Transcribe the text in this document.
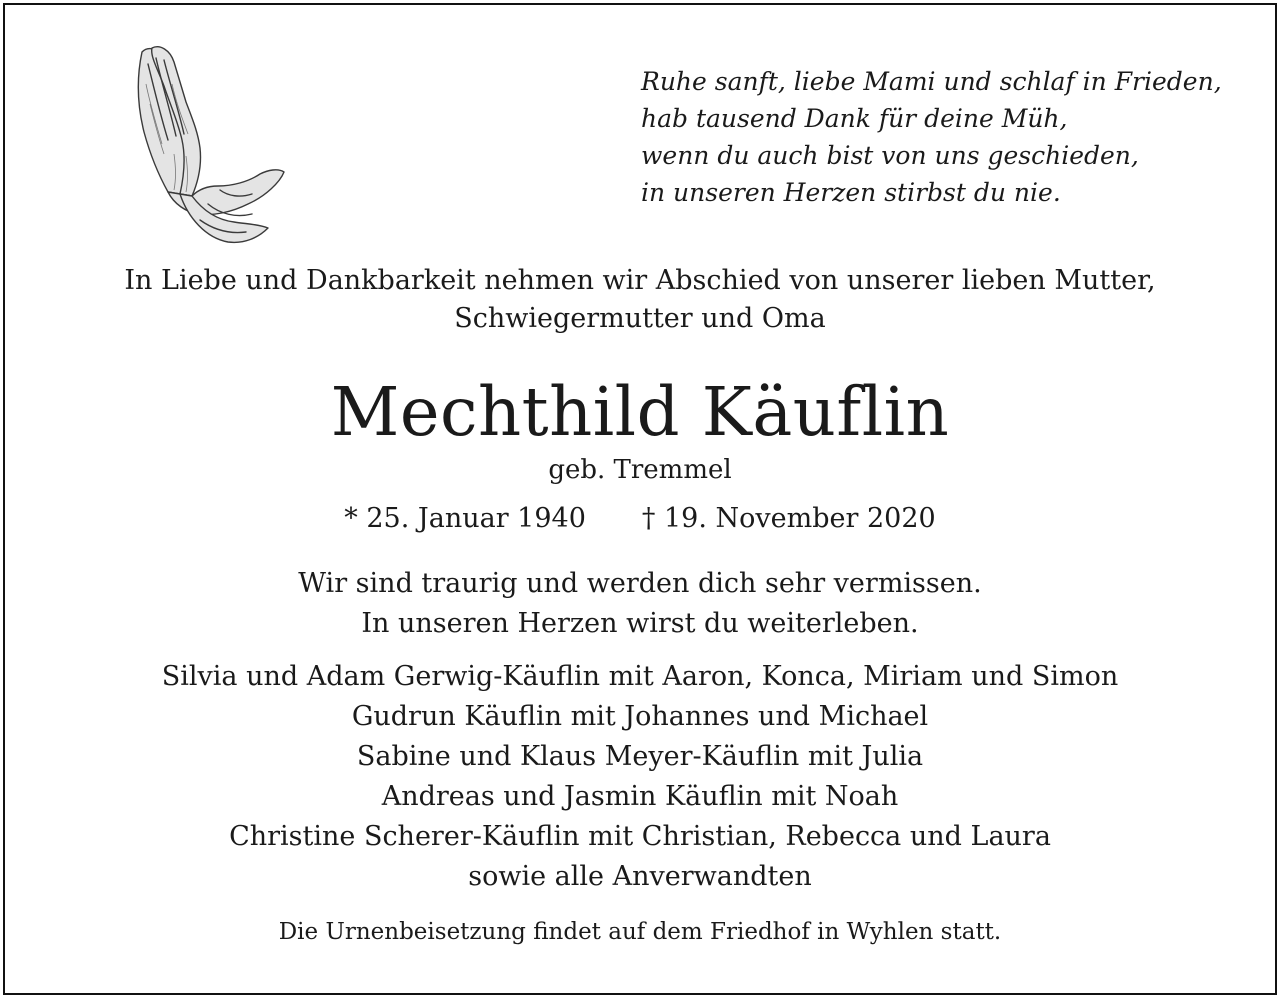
Ruhe sanft, liebe Mami und schlaf in Frieden,
hab tausend Dank für deine Müh,
wenn du auch bist von uns geschieden,
in unseren Herzen stirbst du nie.
In Liebe und Dankbarkeit nehmen wir Abschied von unserer lieben Mutter,
Schwiegermutter und Oma
Mechthild Käuflin
geb. Tremmel
* 25. Januar 1940 † 19. November 2020
Wir sind traurig und werden dich sehr vermissen.
In unseren Herzen wirst du weiterleben.
Silvia und Adam Gerwig-Käuflin mit Aaron, Konca, Miriam und Simon
Gudrun Käuflin mit Johannes und Michael
Sabine und Klaus Meyer-Käuflin mit Julia
Andreas und Jasmin Käuflin mit Noah
Christine Scherer-Käuflin mit Christian, Rebecca und Laura
sowie alle Anverwandten
Die Urnenbeisetzung findet auf dem Friedhof in Wyhlen statt.
